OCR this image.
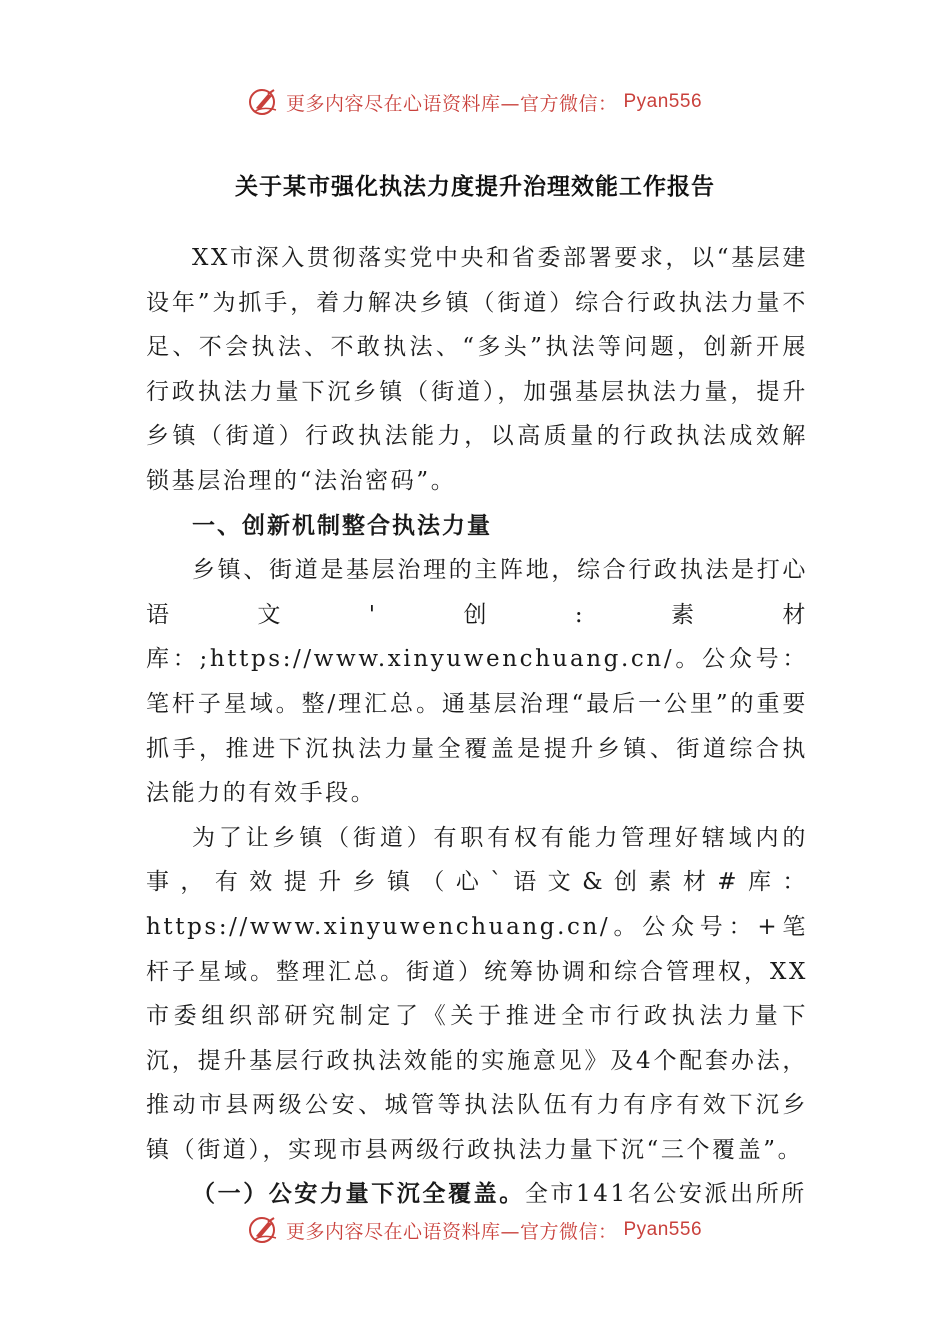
更多内容尽在心语资料库—官方微信： Pyan556
关于某市强化执法力度提升治理效能工作报告

XX市深入贯彻落实党中央和省委部署要求，以“基层建设年”为抓手，着力解决乡镇（街道）综合行政执法力量不足、不会执法、不敢执法、“多头”执法等问题，创新开展行政执法力量下沉乡镇（街道），加强基层执法力量，提升乡镇（街道）行政执法能力，以高质量的行政执法成效解锁基层治理的“法治密码”。

一、创新机制整合执法力量

乡镇、街道是基层治理的主阵地，综合行政执法是打心语文'创:素材库：;https://www.xinyuwenchuang.cn/。公众号：笔杆子星域。整/理汇总。通基层治理“最后一公里”的重要抓手，推进下沉执法力量全覆盖是提升乡镇、街道综合执法能力的有效手段。

为了让乡镇（街道）有职有权有能力管理好辖域内的事，有效提升乡镇（心`语文&创素材#库：https://www.xinyuwenchuang.cn/。公众号：+笔杆子星域。整理汇总。街道）统筹协调和综合管理权，XX市委组织部研究制定了《关于推进全市行政执法力量下沉，提升基层行政执法效能的实施意见》及4个配套办法，推动市县两级公安、城管等执法队伍有力有序有效下沉乡镇（街道），实现市县两级行政执法力量下沉“三个覆盖”。

（一）公安力量下沉全覆盖。全市141名公安派出所所

更多内容尽在心语资料库—官方微信： Pyan556
